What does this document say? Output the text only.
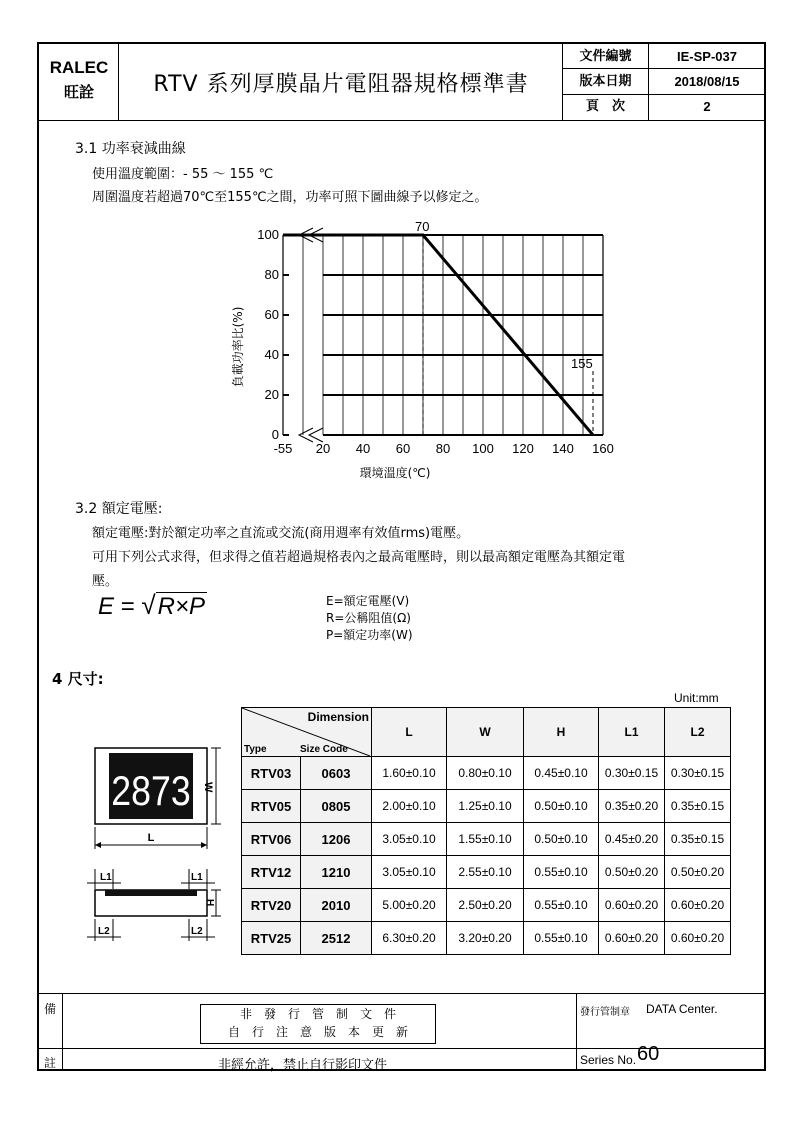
RALEC
旺詮	RTV 系列厚膜晶片電阻器規格標準書
文件編號	IE-SP-037
版本日期	2018/08/15
頁　次	2
3.1 功率衰減曲線
使用溫度範圍：- 55 ～ 155 ℃
周圍溫度若超過70℃至155℃之間，功率可照下圖曲線予以修定之。
0
20
40
60
80
100
-55 20 40 60 80 100 120 140 160
70
155
環境溫度(℃)
負載功率比(%)
3.2 額定電壓:
額定電壓:對於額定功率之直流或交流(商用週率有效值rms)電壓。
可用下列公式求得，但求得之值若超過規格表內之最高電壓時，則以最高額定電壓為其額定電
壓。
E = √R×P	E=額定電壓(V)
R=公稱阻值(Ω)
P=額定功率(W)
4 尺寸:
Unit:mm
2873 W
L
L1	L1
H
L2	L2
Dimension
Type Size Code		L	W	H	L1	L2
RTV03	0603	1.60±0.10	0.80±0.10	0.45±0.10	0.30±0.15	0.30±0.15
RTV05	0805	2.00±0.10	1.25±0.10	0.50±0.10	0.35±0.20	0.35±0.15
RTV06	1206	3.05±0.10	1.55±0.10	0.50±0.10	0.45±0.20	0.35±0.15
RTV12	1210	3.05±0.10	2.55±0.10	0.55±0.10	0.50±0.20	0.50±0.20
RTV20	2010	5.00±0.20	2.50±0.20	0.55±0.10	0.60±0.20	0.60±0.20
RTV25	2512	6.30±0.20	3.20±0.20	0.55±0.10	0.60±0.20	0.60±0.20
備
註
非　發　行　管　制　文　件
自　行　注　意　版　本　更　新
非經允許，禁止自行影印文件
發行管制章 DATA Center.
Series No. 60
